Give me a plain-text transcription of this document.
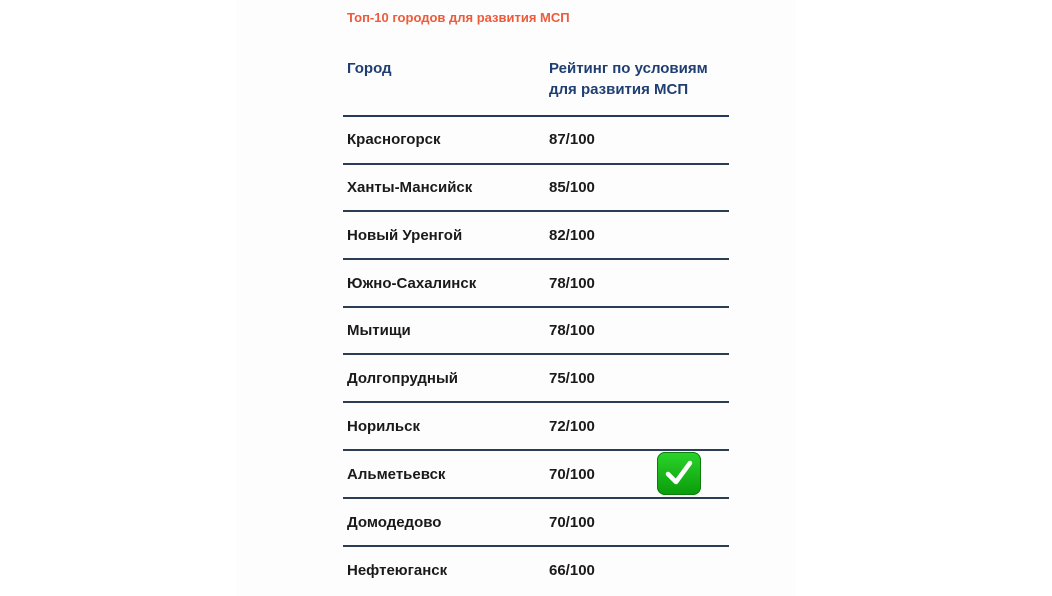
Топ-10 городов для развития МСП
Город	Рейтинг по условиям
для развития МСП
Красногорск	87/100
Ханты-Мансийск	85/100
Новый Уренгой	82/100
Южно-Сахалинск	78/100
Мытищи	78/100
Долгопрудный	75/100
Норильск	72/100
Альметьевск	70/100
Домодедово	70/100
Нефтеюганск	66/100
